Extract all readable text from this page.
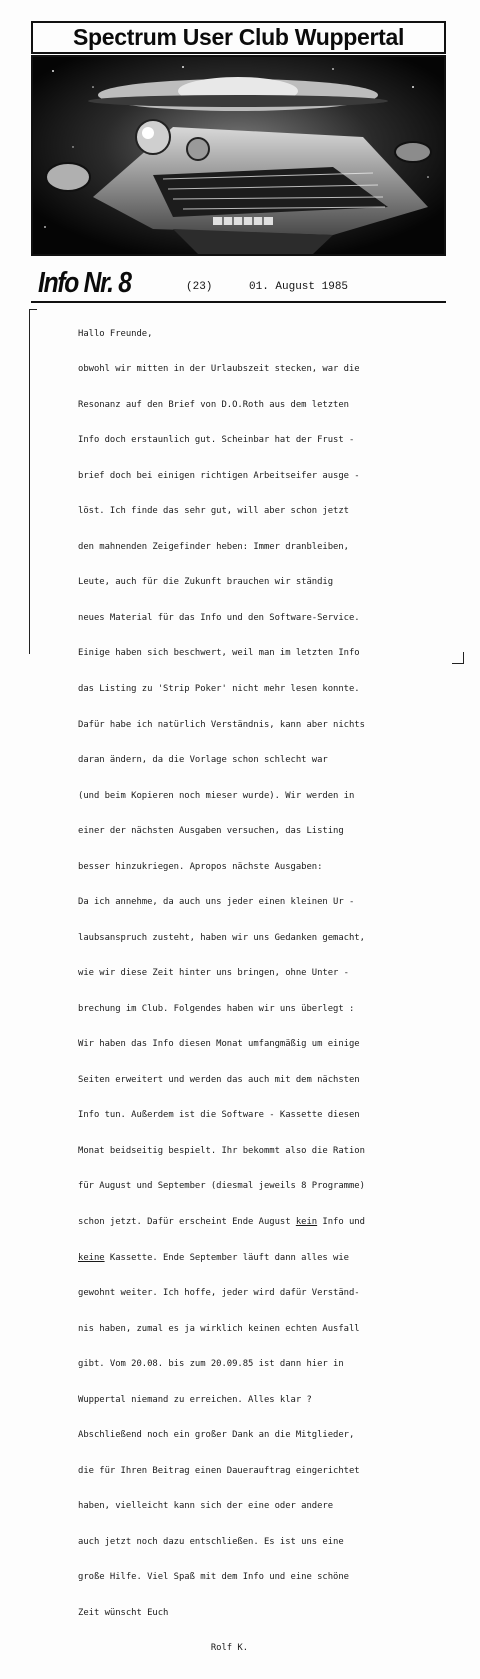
Spectrum User Club Wuppertal
Info Nr. 8	(23)	01. August 1985

Hallo Freunde,

obwohl wir mitten in der Urlaubszeit stecken, war die

Resonanz auf den Brief von D.O.Roth aus dem letzten

Info doch erstaunlich gut. Scheinbar hat der Frust -

brief doch bei einigen richtigen Arbeitseifer ausge -

löst. Ich finde das sehr gut, will aber schon jetzt

den mahnenden Zeigefinder heben: Immer dranbleiben,

Leute, auch für die Zukunft brauchen wir ständig

neues Material für das Info und den Software-Service.

Einige haben sich beschwert, weil man im letzten Info

das Listing zu 'Strip Poker' nicht mehr lesen konnte.

Dafür habe ich natürlich Verständnis, kann aber nichts

daran ändern, da die Vorlage schon schlecht war

(und beim Kopieren noch mieser wurde). Wir werden in

einer der nächsten Ausgaben versuchen, das Listing

besser hinzukriegen. Apropos nächste Ausgaben:

Da ich annehme, da auch uns jeder einen kleinen Ur -

laubsanspruch zusteht, haben wir uns Gedanken gemacht,

wie wir diese Zeit hinter uns bringen, ohne Unter -

brechung im Club. Folgendes haben wir uns überlegt :

Wir haben das Info diesen Monat umfangmäßig um einige

Seiten erweitert und werden das auch mit dem nächsten

Info tun. Außerdem ist die Software - Kassette diesen

Monat beidseitig bespielt. Ihr bekommt also die Ration

für August und September (diesmal jeweils 8 Programme)

schon jetzt. Dafür erscheint Ende August kein Info und

keine Kassette. Ende September läuft dann alles wie

gewohnt weiter. Ich hoffe, jeder wird dafür Verständ-

nis haben, zumal es ja wirklich keinen echten Ausfall

gibt. Vom 20.08. bis zum 20.09.85 ist dann hier in

Wuppertal niemand zu erreichen. Alles klar ?

Abschließend noch ein großer Dank an die Mitglieder,

die für Ihren Beitrag einen Dauerauftrag eingerichtet

haben, vielleicht kann sich der eine oder andere

auch jetzt noch dazu entschließen. Es ist uns eine

große Hilfe. Viel Spaß mit dem Info und eine schöne

Zeit wünscht Euch

Rolf K.
